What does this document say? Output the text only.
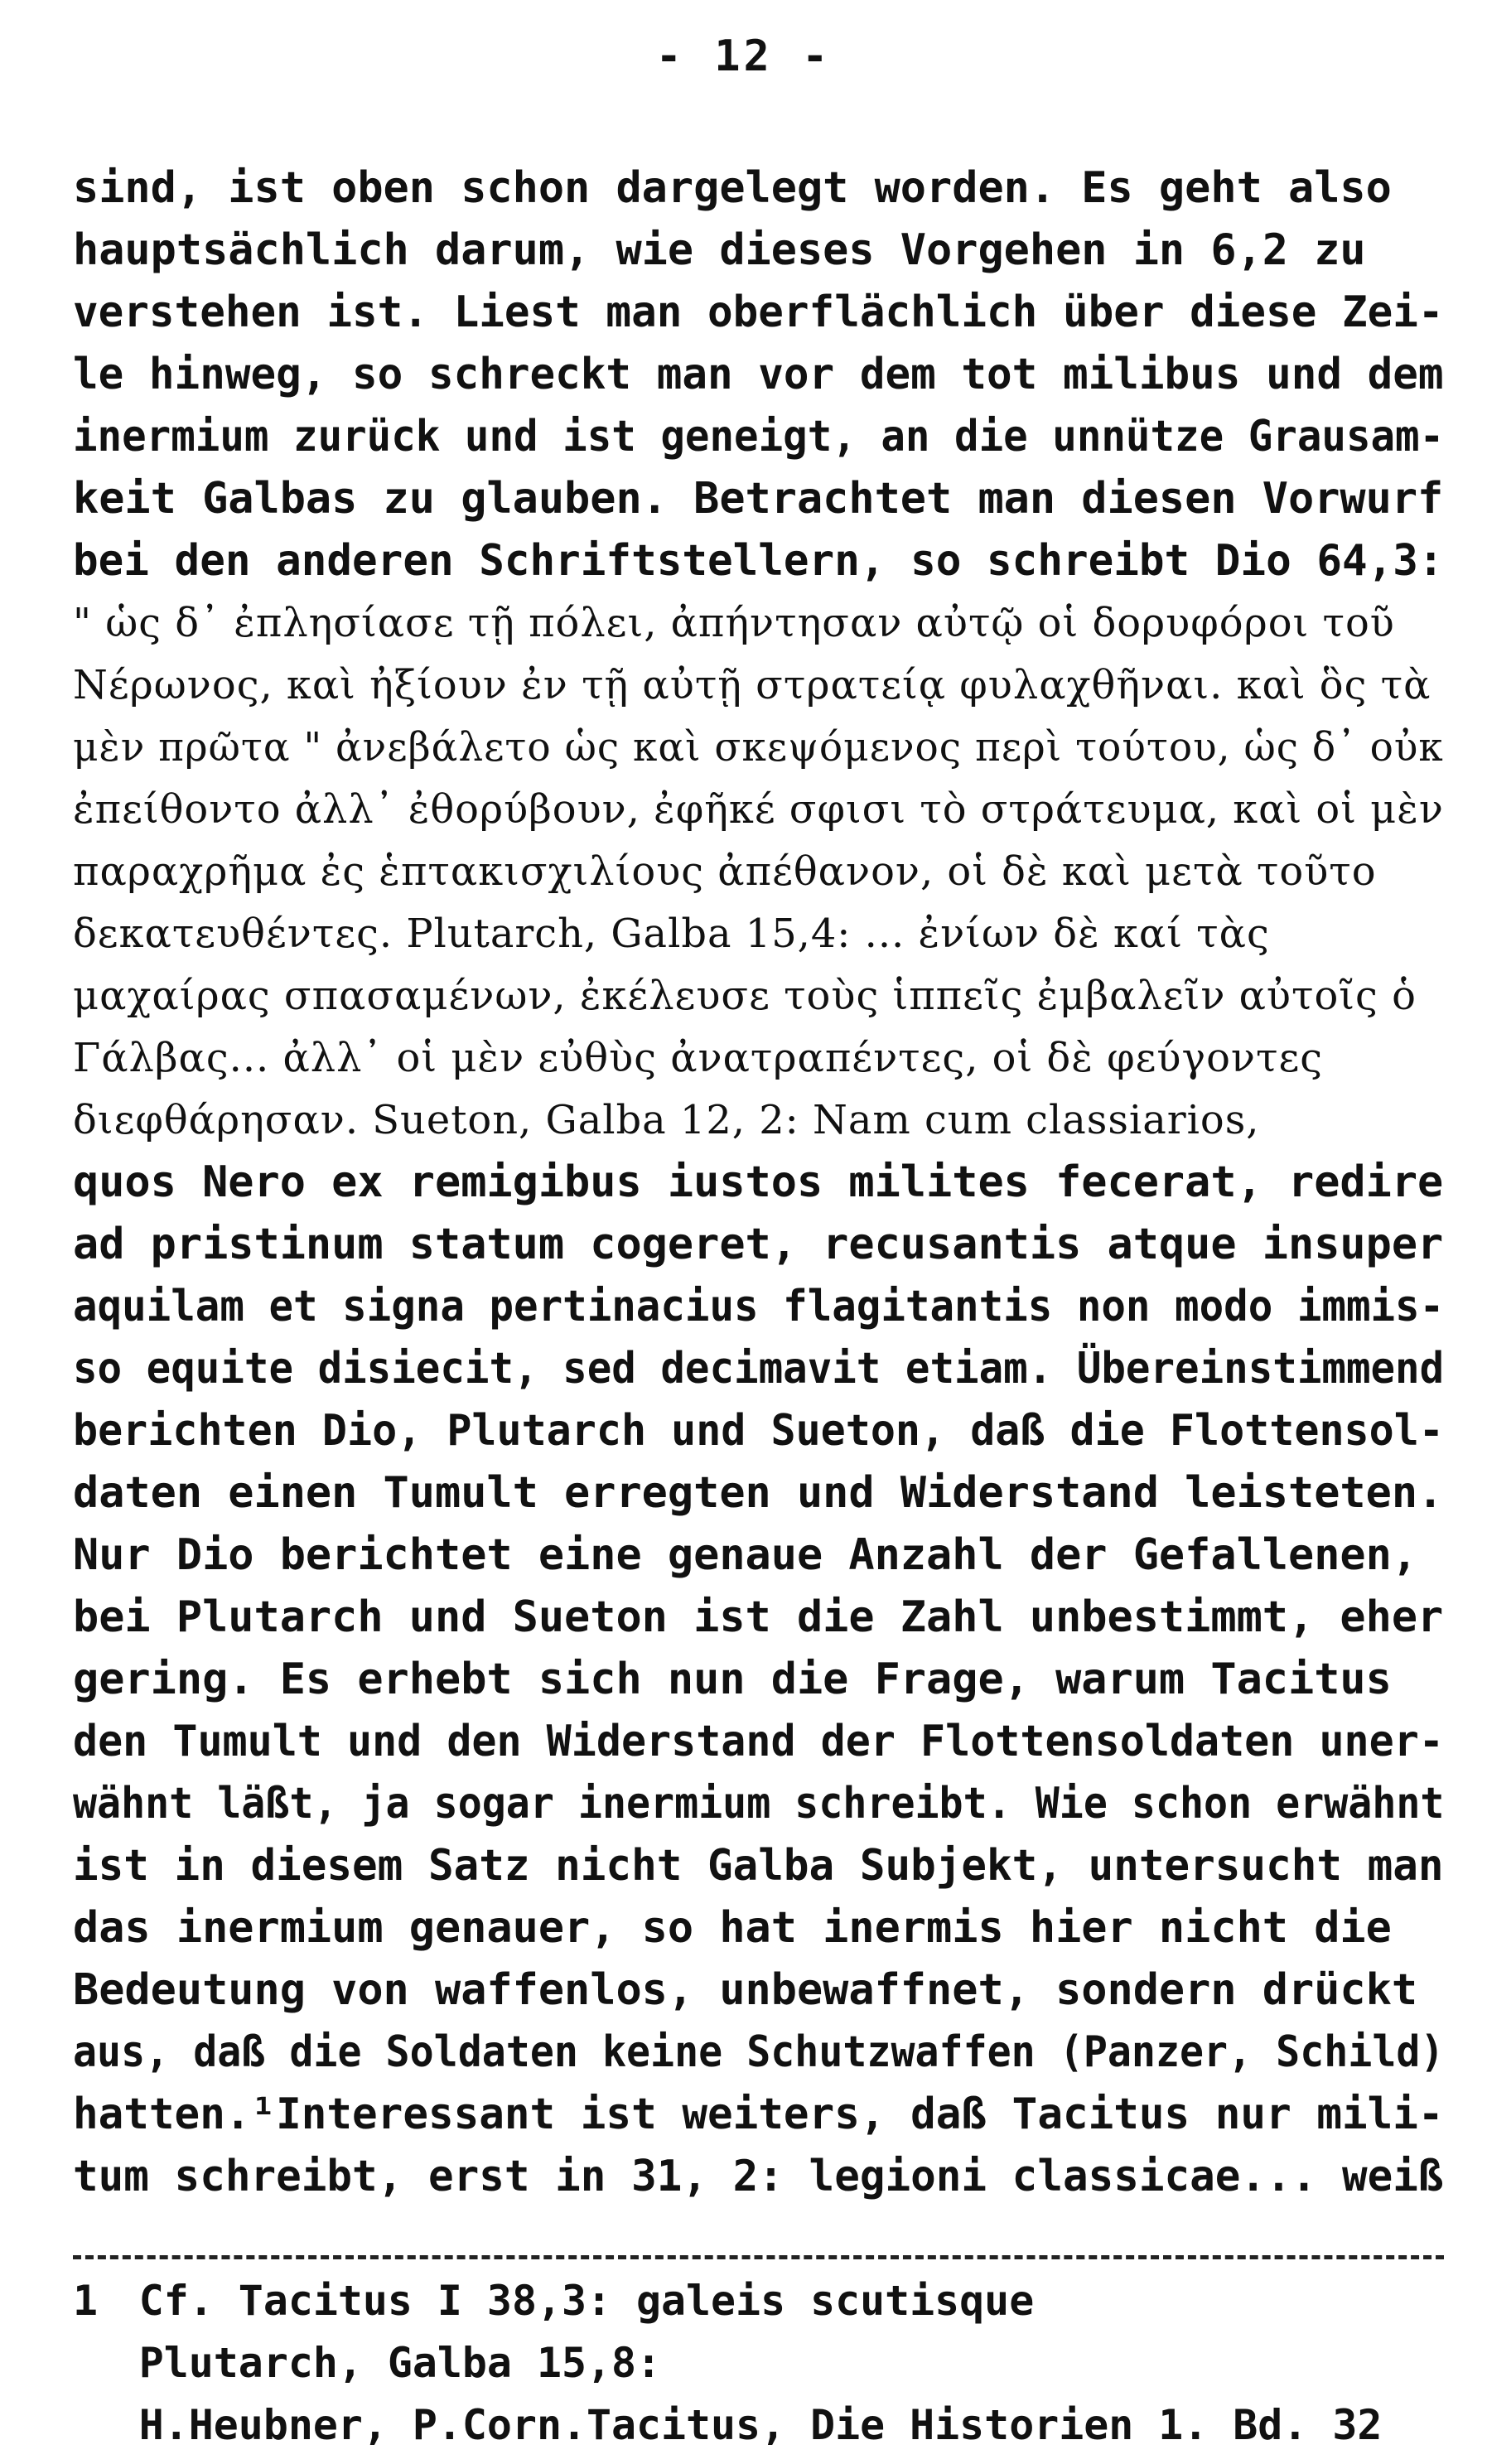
- 12 -
sind, ist oben schon dargelegt worden. Es geht also
hauptsächlich darum, wie dieses Vorgehen in 6,2 zu
verstehen ist. Liest man oberflächlich über diese Zei-
le hinweg, so schreckt man vor dem tot milibus und dem
inermium zurück und ist geneigt, an die unnütze Grausam-
keit Galbas zu glauben. Betrachtet man diesen Vorwurf
bei den anderen Schriftstellern, so schreibt Dio 64,3:
" ὡς δ᾽ ἐπλησίασε τῇ πόλει, ἀπήντησαν αὐτῷ οἱ δορυφόροι τοῦ
Νέρωνος, καὶ ἠξίουν ἐν τῇ αὐτῇ στρατείᾳ φυλαχθῆναι. καὶ ὃς τὰ
μὲν πρῶτα " ἀνεβάλετο ὡς καὶ σκεψόμενος περὶ τούτου, ὡς δ᾽ οὐκ
ἐπείθοντο ἀλλ᾽ ἐθορύβουν, ἐφῆκέ σφισι τὸ στράτευμα, καὶ οἱ μὲν
παραχρῆμα ἐς ἑπτακισχιλίους ἀπέθανον, οἱ δὲ καὶ μετὰ τοῦτο
δεκατευθέντες. Plutarch, Galba 15,4: ... ἐνίων δὲ καί τὰς
μαχαίρας σπασαμένων, ἐκέλευσε τοὺς ἱππεῖς ἐμβαλεῖν αὐτοῖς ὁ
Γάλβας... ἀλλ᾽ οἱ μὲν εὐθὺς ἀνατραπέντες, οἱ δὲ φεύγοντες
διεφθάρησαν. Sueton, Galba 12, 2: Nam cum classiarios,
quos Nero ex remigibus iustos milites fecerat, redire
ad pristinum statum cogeret, recusantis atque insuper
aquilam et signa pertinacius flagitantis non modo immis-
so equite disiecit, sed decimavit etiam. Übereinstimmend
berichten Dio, Plutarch und Sueton, daß die Flottensol-
daten einen Tumult erregten und Widerstand leisteten.
Nur Dio berichtet eine genaue Anzahl der Gefallenen,
bei Plutarch und Sueton ist die Zahl unbestimmt, eher
gering. Es erhebt sich nun die Frage, warum Tacitus
den Tumult und den Widerstand der Flottensoldaten uner-
wähnt läßt, ja sogar inermium schreibt. Wie schon erwähnt
ist in diesem Satz nicht Galba Subjekt, untersucht man
das inermium genauer, so hat inermis hier nicht die
Bedeutung von waffenlos, unbewaffnet, sondern drückt
aus, daß die Soldaten keine Schutzwaffen (Panzer, Schild)
hatten.¹Interessant ist weiters, daß Tacitus nur mili-
tum schreibt, erst in 31, 2: legioni classicae... weiß
1 Cf. Tacitus I 38,3: galeis scutisque
Plutarch, Galba 15,8:
H.Heubner, P.Corn.Tacitus, Die Historien 1. Bd. 32
